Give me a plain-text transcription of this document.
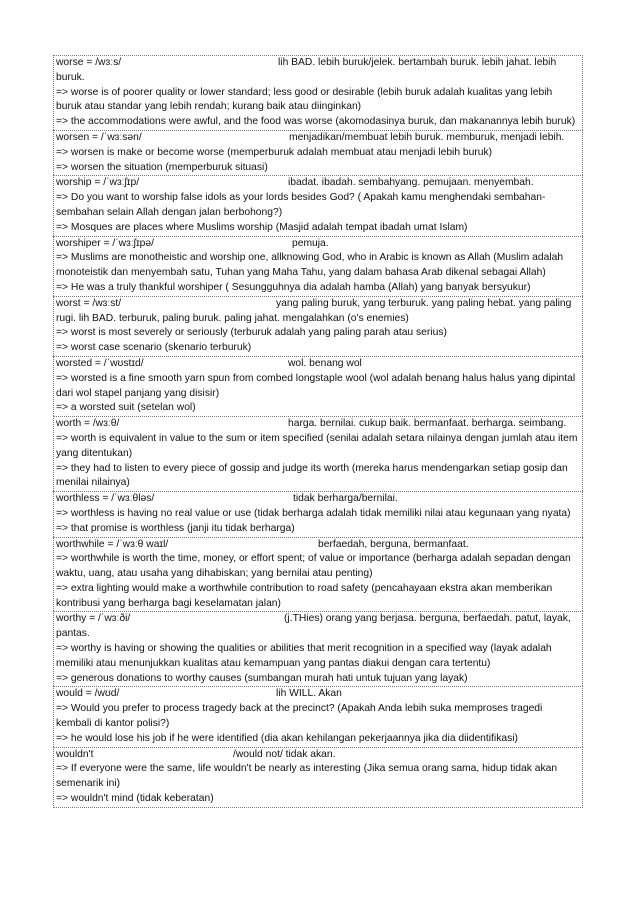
worse = /wɜːs/	lih BAD. lebih buruk/jelek. bertambah buruk. lebih jahat. lebih buruk.
=> worse is of poorer quality or lower standard; less good or desirable (lebih buruk adalah kualitas yang lebih buruk atau standar yang lebih rendah; kurang baik atau diinginkan)
=> the accommodations were awful, and the food was worse (akomodasinya buruk, dan makanannya lebih buruk)
worsen = /ˈwɜːsən/	menjadikan/membuat lebih buruk. memburuk, menjadi lebih.
=> worsen is make or become worse (memperburuk adalah membuat atau menjadi lebih buruk)
=> worsen the situation (memperburuk situasi)
worship = /ˈwɜːʃɪp/	ibadat. ibadah. sembahyang. pemujaan. menyembah.
=> Do you want to worship false idols as your lords besides God? ( Apakah kamu menghendaki sembahan-sembahan selain Allah dengan jalan berbohong?)
=> Mosques are places where Muslims worship (Masjid adalah tempat ibadah umat Islam)
worshiper = /ˈwɜːʃɪpə/	pemuja.
=> Muslims are monotheistic and worship one, allknowing God, who in Arabic is known as Allah (Muslim adalah monoteistik dan menyembah satu, Tuhan yang Maha Tahu, yang dalam bahasa Arab dikenal sebagai Allah)
=> He was a truly thankful worshiper ( Sesungguhnya dia adalah hamba (Allah) yang banyak bersyukur)
worst = /wɜːst/	yang paling buruk, yang terburuk. yang paling hebat. yang paling rugi. lih BAD. terburuk, paling buruk. paling jahat. mengalahkan (o's enemies)
=> worst is most severely or seriously (terburuk adalah yang paling parah atau serius)
=> worst case scenario (skenario terburuk)
worsted = /ˈwʊstɪd/	wol. benang wol
=> worsted is a fine smooth yarn spun from combed longstaple wool (wol adalah benang halus halus yang dipintal dari wol stapel panjang yang disisir)
=> a worsted suit (setelan wol)
worth = /wɜːθ/	harga. bernilai. cukup baik. bermanfaat. berharga. seimbang.
=> worth is equivalent in value to the sum or item specified (senilai adalah setara nilainya dengan jumlah atau item yang ditentukan)
=> they had to listen to every piece of gossip and judge its worth (mereka harus mendengarkan setiap gosip dan menilai nilainya)
worthless = /ˈwɜːθləs/	tidak berharga/bernilai.
=> worthless is having no real value or use (tidak berharga adalah tidak memiliki nilai atau kegunaan yang nyata)
=> that promise is worthless (janji itu tidak berharga)
worthwhile = /ˈwɜːθ waɪl/	berfaedah, berguna, bermanfaat.
=> worthwhile is worth the time, money, or effort spent; of value or importance (berharga adalah sepadan dengan waktu, uang, atau usaha yang dihabiskan; yang bernilai atau penting)
=> extra lighting would make a worthwhile contribution to road safety (pencahayaan ekstra akan memberikan kontribusi yang berharga bagi keselamatan jalan)
worthy = /ˈwɜːði/	(j.THies) orang yang berjasa. berguna, berfaedah. patut, layak, pantas.
=> worthy is having or showing the qualities or abilities that merit recognition in a specified way (layak adalah memiliki atau menunjukkan kualitas atau kemampuan yang pantas diakui dengan cara tertentu)
=> generous donations to worthy causes (sumbangan murah hati untuk tujuan yang layak)
would = /wʊd/	lih WILL. Akan
=> Would you prefer to process tragedy back at the precinct? (Apakah Anda lebih suka memproses tragedi kembali di kantor polisi?)
=> he would lose his job if he were identified (dia akan kehilangan pekerjaannya jika dia diidentifikasi)
wouldn't	/would not/ tidak akan.
=> If everyone were the same, life wouldn't be nearly as interesting (Jika semua orang sama, hidup tidak akan semenarik ini)
=> wouldn't mind (tidak keberatan)
